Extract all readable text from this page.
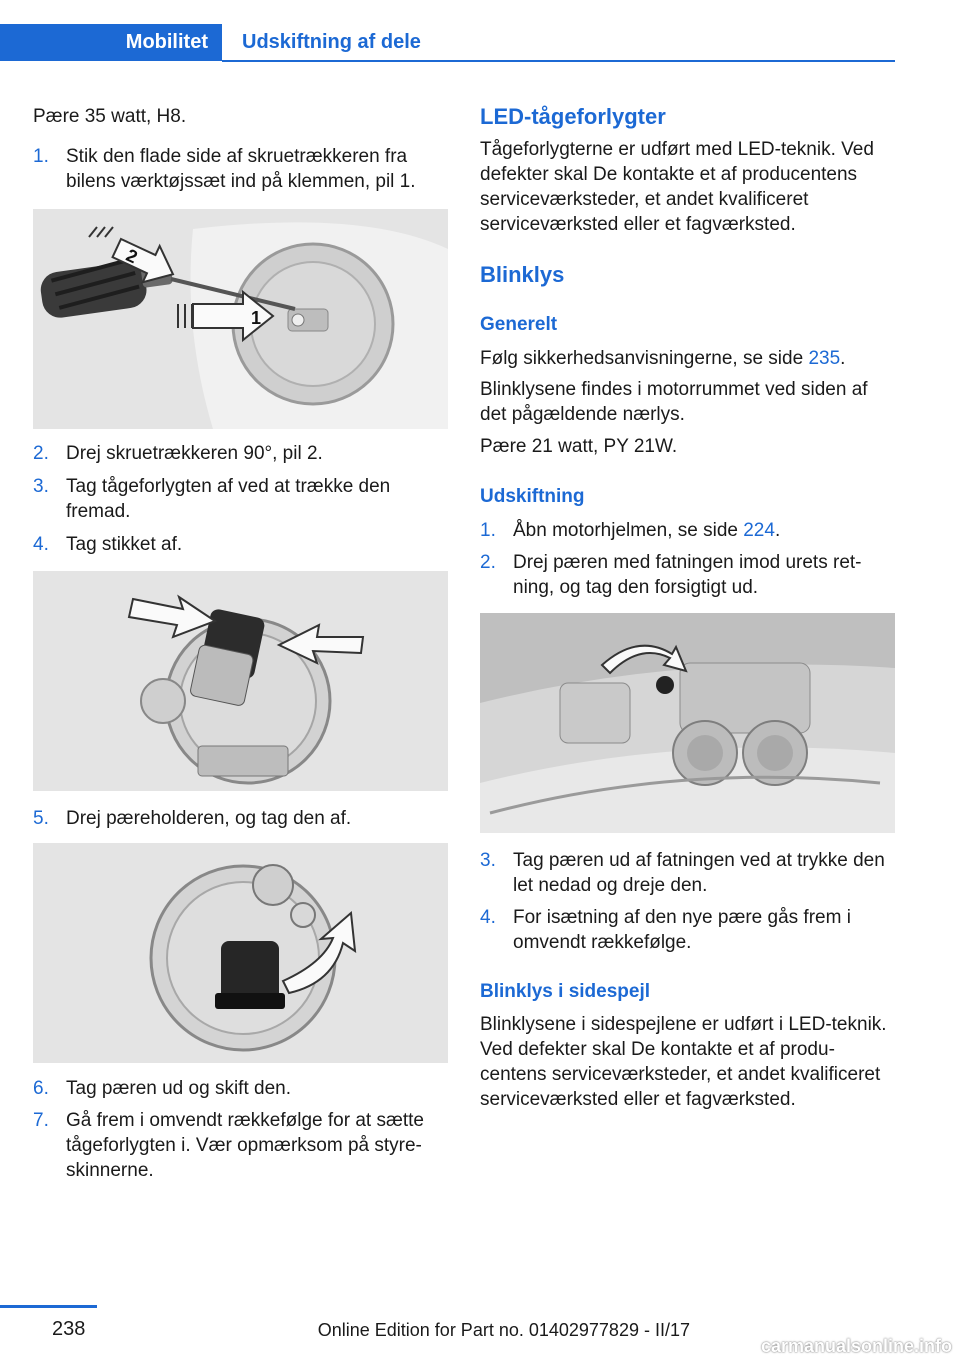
Mobilitet	Udskiftning af dele

Pære 35 watt, H8.

1. Stik den flade side af skruetrækkeren fra bilens værktøjssæt ind på klemmen, pil 1.
2
1
2. Drej skruetrækkeren 90°, pil 2.
3. Tag tågeforlygten af ved at trække den fremad.
4. Tag stikket af.
5. Drej pæreholderen, og tag den af.
6. Tag pæren ud og skift den.
7. Gå frem i omvendt rækkefølge for at sætte tågeforlygten i. Vær opmærksom på styreskinnerne.
LED-tågeforlygter

Tågeforlygterne er udført med LED-teknik. Ved defekter skal De kontakte et af producentens serviceværksteder, et andet kvalificeret serviceværksted eller et fagværksted.

Blinklys
Generelt

Følg sikkerhedsanvisningerne, se side 235.

Blinklysene findes i motorrummet ved siden af det pågældende nærlys.

Pære 21 watt, PY 21W.

Udskiftning
1. Åbn motorhjelmen, se side 224.
2. Drej pæren med fatningen imod urets retning, og tag den forsigtigt ud.
3. Tag pæren ud af fatningen ved at trykke den let nedad og dreje den.
4. For isætning af den nye pære gås frem i omvendt rækkefølge.
Blinklys i sidespejl

Blinklysene i sidespejlene er udført i LED-teknik. Ved defekter skal De kontakte et af producentens serviceværksteder, et andet kvalificeret serviceværksted eller et fagværksted.

238	Online Edition for Part no. 01402977829 - II/17
carmanualsonline.info
